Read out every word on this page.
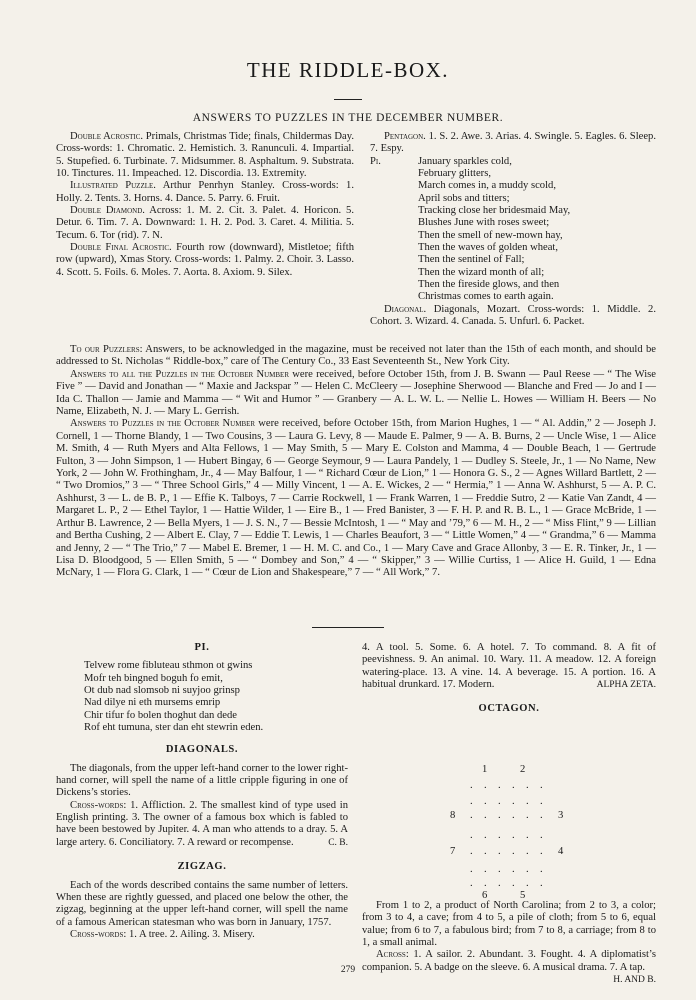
THE RIDDLE-BOX.
ANSWERS TO PUZZLES IN THE DECEMBER NUMBER.

Double Acrostic. Primals, Christmas Tide; finals, Childermas Day. Cross-words: 1. Chromatic. 2. Hemistich. 3. Ranunculi. 4. Impartial. 5. Stupefied. 6. Turbinate. 7. Midsummer. 8. Asphaltum. 9. Substrata. 10. Tinctures. 11. Impeached. 12. Discordia. 13. Extremity.

Illustrated Puzzle. Arthur Penrhyn Stanley. Cross-words: 1. Holly. 2. Tents. 3. Horns. 4. Dance. 5. Parry. 6. Fruit.

Double Diamond. Across: 1. M. 2. Cit. 3. Palet. 4. Horicon. 5. Detur. 6. Tim. 7. A. Downward: 1. H. 2. Pod. 3. Caret. 4. Militia. 5. Tecum. 6. Tor (rid). 7. N.

Double Final Acrostic. Fourth row (downward), Mistletoe; fifth row (upward), Xmas Story. Cross-words: 1. Palmy. 2. Choir. 3. Lasso. 4. Scott. 5. Foils. 6. Moles. 7. Aorta. 8. Axiom. 9. Silex.

Pentagon. 1. S. 2. Awe. 3. Arias. 4. Swingle. 5. Eagles. 6. Sleep. 7. Espy.

Pi.	January sparkles cold,
February glitters,
March comes in, a muddy scold,
April sobs and titters;
Tracking close her bridesmaid May,
Blushes June with roses sweet;
Then the smell of new-mown hay,
Then the waves of golden wheat,
Then the sentinel of Fall;
Then the wizard month of all;
Then the fireside glows, and then
Christmas comes to earth again.

Diagonal. Diagonals, Mozart. Cross-words: 1. Middle. 2. Cohort. 3. Wizard. 4. Canada. 5. Unfurl. 6. Packet.

To our Puzzlers: Answers, to be acknowledged in the magazine, must be received not later than the 15th of each month, and should be addressed to St. Nicholas “ Riddle-box,” care of The Century Co., 33 East Seventeenth St., New York City.

Answers to all the Puzzles in the October Number were received, before October 15th, from J. B. Swann — Paul Reese — “ The Wise Five ” — David and Jonathan — “ Maxie and Jackspar ” — Helen C. McCleery — Josephine Sherwood — Blanche and Fred — Jo and I — Ida C. Thallon — Jamie and Mamma — “ Wit and Humor ” — Granbery — A. L. W. L. — Nellie L. Howes — William H. Beers — No Name, Elizabeth, N. J. — Mary L. Gerrish.

Answers to Puzzles in the October Number were received, before October 15th, from Marion Hughes, 1 — “ Al. Addin,” 2 — Joseph J. Cornell, 1 — Thorne Blandy, 1 — Two Cousins, 3 — Laura G. Levy, 8 — Maude E. Palmer, 9 — A. B. Burns, 2 — Uncle Wise, 1 — Alice M. Smith, 4 — Ruth Myers and Alta Fellows, 1 — May Smith, 5 — Mary E. Colston and Mamma, 4 — Double Beach, 1 — Gertrude Fulton, 3 — John Simpson, 1 — Hubert Bingay, 6 — George Seymour, 9 — Laura Pandely, 1 — Dudley S. Steele, Jr., 1 — No Name, New York, 2 — John W. Frothingham, Jr., 4 — May Balfour, 1 — “ Richard Cœur de Lion,” 1 — Honora G. S., 2 — Agnes Willard Bartlett, 2 — “ Two Dromios,” 3 — “ Three School Girls,” 4 — Milly Vincent, 1 — A. E. Wickes, 2 — “ Hermia,” 1 — Anna W. Ashhurst, 5 — A. P. C. Ashhurst, 3 — L. de B. P., 1 — Effie K. Talboys, 7 — Carrie Rockwell, 1 — Frank Warren, 1 — Freddie Sutro, 2 — Katie Van Zandt, 4 — Margaret L. P., 2 — Ethel Taylor, 1 — Hattie Wilder, 1 — Eire B., 1 — Fred Banister, 3 — F. H. P. and R. B. L., 1 — Grace McBride, 1 — Arthur B. Lawrence, 2 — Bella Myers, 1 — J. S. N., 7 — Bessie McIntosh, 1 — “ May and ’79,” 6 — M. H., 2 — “ Miss Flint,” 9 — Lillian and Bertha Cushing, 2 — Albert E. Clay, 7 — Eddie T. Lewis, 1 — Charles Beaufort, 3 — “ Little Women,” 4 — “ Grandma,” 6 — Mamma and Jenny, 2 — “ The Trio,” 7 — Mabel E. Bremer, 1 — H. M. C. and Co., 1 — Mary Cave and Grace Allonby, 3 — E. R. Tinker, Jr., 1 — Lisa D. Bloodgood, 5 — Ellen Smith, 5 — “ Dombey and Son,” 4 — “ Skipper,” 3 — Willie Curtiss, 1 — Alice H. Guild, 1 — Edna McNary, 1 — Flora G. Clark, 1 — “ Cœur de Lion and Shakespeare,” 7 — “ All Work,” 7.

PI.

Telvew rome fibluteau sthmon ot gwins
Mofr teh bingned boguh fo emit,
Ot dub nad slomsob ni suyjoo grinsp
Nad dilye ni eth mursems emrip
Chir tifur fo bolen thoghut dan dede
Rof eht tumuna, ster dan eht stewrin eden.

DIAGONALS.

The diagonals, from the upper left-hand corner to the lower right-hand corner, will spell the name of a little cripple figuring in one of Dickens’s stories.

Cross-words: 1. Affliction. 2. The smallest kind of type used in English printing. 3. The owner of a famous box which is fabled to have been bestowed by Jupiter. 4. A man who attends to a dray. 5. A large artery. 6. Conciliatory. 7. A reward or recompense.	C. B.

ZIGZAG.

Each of the words described contains the same number of letters. When these are rightly guessed, and placed one below the other, the zigzag, beginning at the upper left-hand corner, will spell the name of a famous American statesman who was born in January, 1757.

Cross-words: 1. A tree. 2. Ailing. 3. Misery.

4. A tool. 5. Some. 6. A hotel. 7. To command. 8. A fit of peevishness. 9. An animal. 10. Wary. 11. A meadow. 12. A foreign watering-place. 13. A vine. 14. A beverage. 15. A portion. 16. A habitual drunkard. 17. Modern.	ALPHA ZETA.

OCTAGON.

1	2
3
4
5
6
7
8
. . . . . .
. . . . . .
. . . . . .
. . . . . .
. . . . . .
. . . . . .
. . . . . .

From 1 to 2, a product of North Carolina; from 2 to 3, a color; from 3 to 4, a cave; from 4 to 5, a pile of cloth; from 5 to 6, equal value; from 6 to 7, a fabulous bird; from 7 to 8, a carriage; from 8 to 1, a small animal.

Across: 1. A sailor. 2. Abundant. 3. Fought. 4. A diplomatist’s companion. 5. A badge on the sleeve. 6. A musical drama. 7. A tap.
H. AND B.

279
